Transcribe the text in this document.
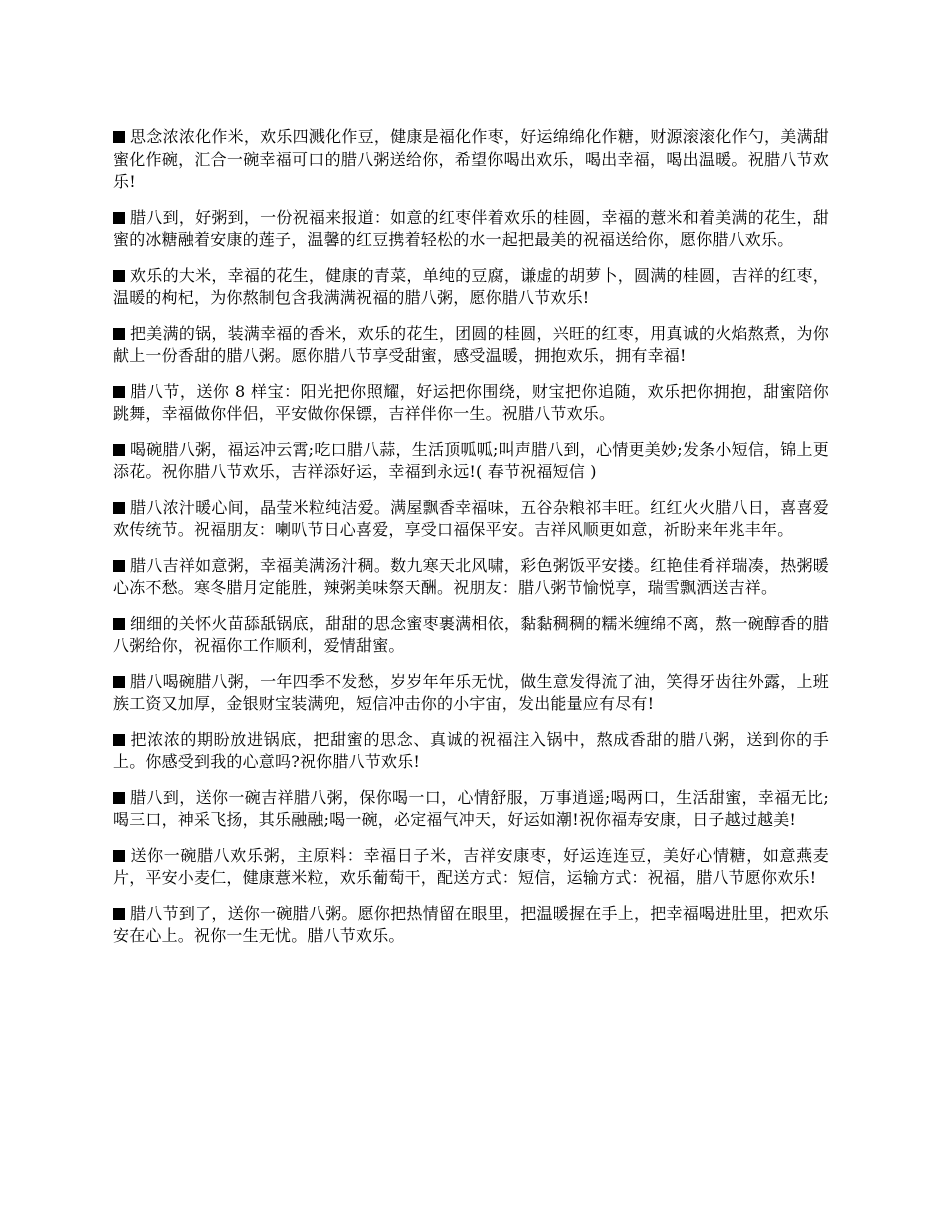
思念浓浓化作米，欢乐四溅化作豆，健康是福化作枣，好运绵绵化作糖，财源滚滚化作勺，美满甜蜜化作碗，汇合一碗幸福可口的腊八粥送给你，希望你喝出欢乐，喝出幸福，喝出温暖。祝腊八节欢乐!

腊八到，好粥到，一份祝福来报道：如意的红枣伴着欢乐的桂圆，幸福的薏米和着美满的花生，甜蜜的冰糖融着安康的莲子，温馨的红豆携着轻松的水一起把最美的祝福送给你，愿你腊八欢乐。

欢乐的大米，幸福的花生，健康的青菜，单纯的豆腐，谦虚的胡萝卜，圆满的桂圆，吉祥的红枣，温暖的枸杞，为你熬制包含我满满祝福的腊八粥，愿你腊八节欢乐!

把美满的锅，装满幸福的香米，欢乐的花生，团圆的桂圆，兴旺的红枣，用真诚的火焰熬煮，为你献上一份香甜的腊八粥。愿你腊八节享受甜蜜，感受温暖，拥抱欢乐，拥有幸福!

腊八节，送你 8 样宝：阳光把你照耀，好运把你围绕，财宝把你追随，欢乐把你拥抱，甜蜜陪你跳舞，幸福做你伴侣，平安做你保镖，吉祥伴你一生。祝腊八节欢乐。

喝碗腊八粥，福运冲云霄;吃口腊八蒜，生活顶呱呱;叫声腊八到，心情更美妙;发条小短信，锦上更添花。祝你腊八节欢乐，吉祥添好运，幸福到永远!( 春节祝福短信 )

腊八浓汁暖心间，晶莹米粒纯洁爱。满屋飘香幸福味，五谷杂粮祁丰旺。红红火火腊八日，喜喜爱欢传统节。祝福朋友：喇叭节日心喜爱，享受口福保平安。吉祥风顺更如意，祈盼来年兆丰年。

腊八吉祥如意粥，幸福美满汤汁稠。数九寒天北风啸，彩色粥饭平安搂。红艳佳肴祥瑞凑，热粥暖心冻不愁。寒冬腊月定能胜，辣粥美味祭天酬。祝朋友：腊八粥节愉悦享，瑞雪飘洒送吉祥。

细细的关怀火苗舔舐锅底，甜甜的思念蜜枣裹满相依，黏黏稠稠的糯米缠绵不离，熬一碗醇香的腊八粥给你，祝福你工作顺利，爱情甜蜜。

腊八喝碗腊八粥，一年四季不发愁，岁岁年年乐无忧，做生意发得流了油，笑得牙齿往外露，上班族工资又加厚，金银财宝装满兜，短信冲击你的小宇宙，发出能量应有尽有!

把浓浓的期盼放进锅底，把甜蜜的思念、真诚的祝福注入锅中，熬成香甜的腊八粥，送到你的手上。你感受到我的心意吗?祝你腊八节欢乐!

腊八到，送你一碗吉祥腊八粥，保你喝一口，心情舒服，万事逍遥;喝两口，生活甜蜜，幸福无比;喝三口，神采飞扬，其乐融融;喝一碗，必定福气冲天，好运如潮!祝你福寿安康，日子越过越美!

送你一碗腊八欢乐粥，主原料：幸福日子米，吉祥安康枣，好运连连豆，美好心情糖，如意燕麦片，平安小麦仁，健康薏米粒，欢乐葡萄干，配送方式：短信，运输方式：祝福，腊八节愿你欢乐!

腊八节到了，送你一碗腊八粥。愿你把热情留在眼里，把温暖握在手上，把幸福喝进肚里，把欢乐安在心上。祝你一生无忧。腊八节欢乐。
